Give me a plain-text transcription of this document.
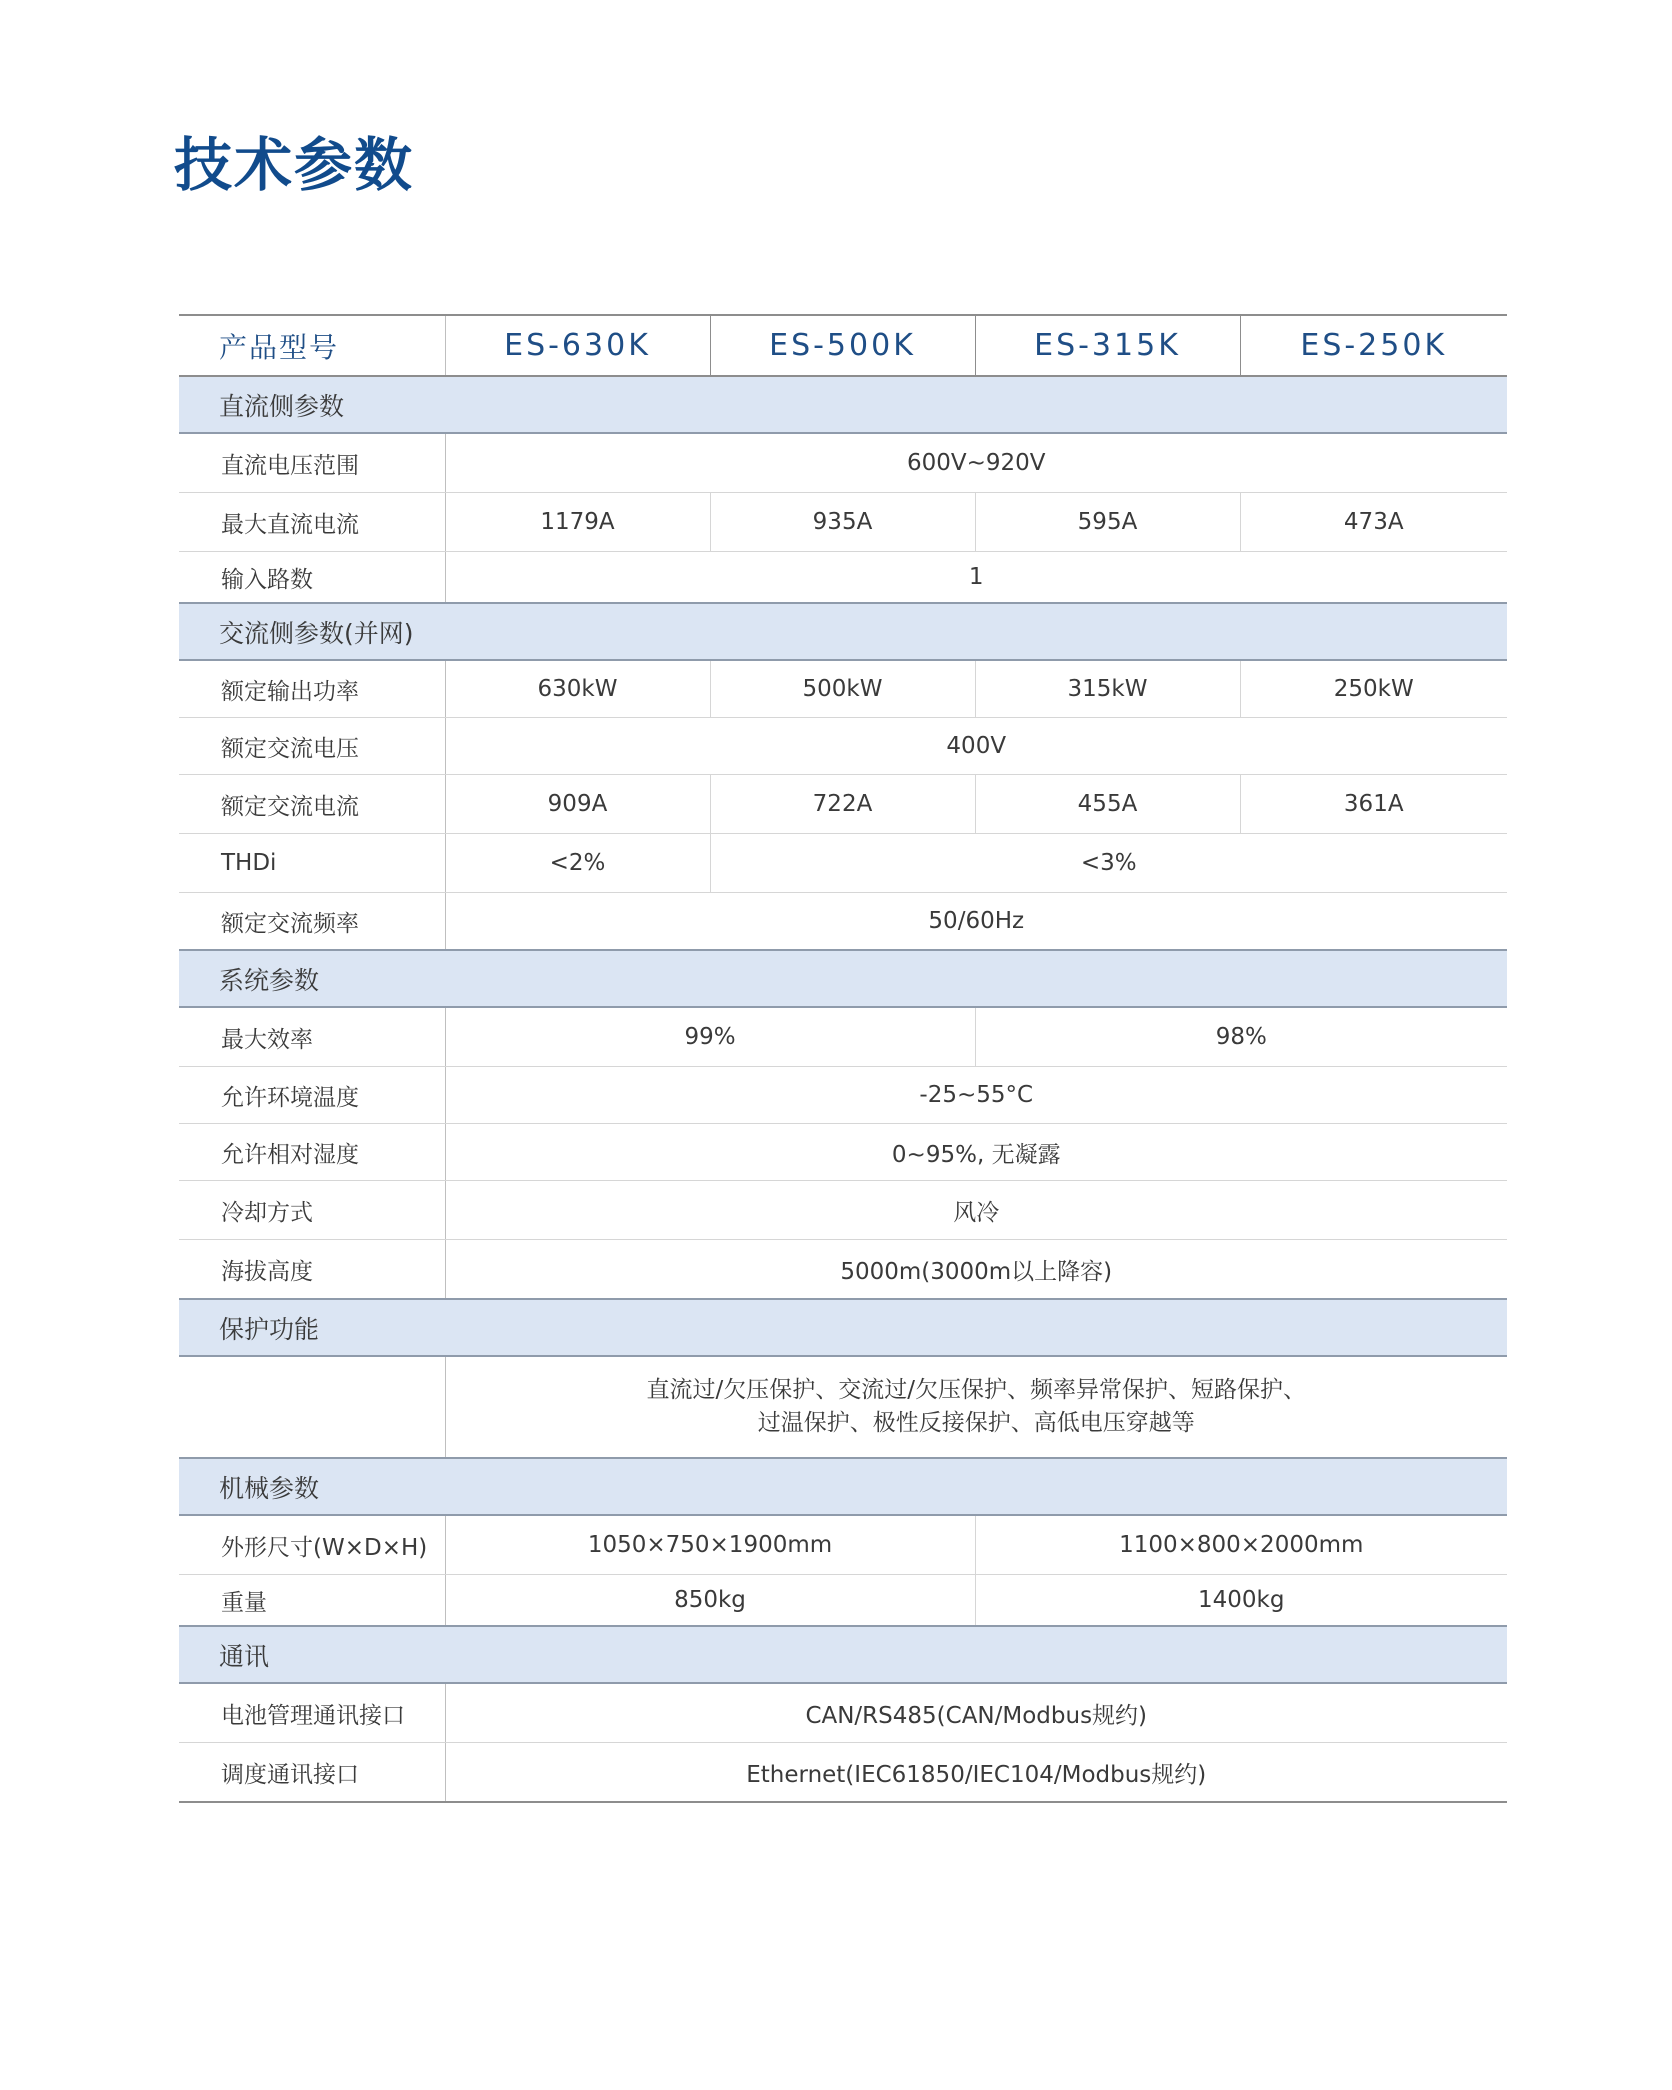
技术参数
产品型号	ES-630K	ES-500K	ES-315K	ES-250K
直流侧参数				
直流电压范围	600V~920V			
最大直流电流	1179A	935A	595A	473A
输入路数	1			
交流侧参数(并网)				
额定输出功率	630kW	500kW	315kW	250kW
额定交流电压	400V			
额定交流电流	909A	722A	455A	361A
THDi	<2%	<3%		
额定交流频率	50/60Hz			
系统参数				
最大效率	99%		98%	
允许环境温度	-25~55°C			
允许相对湿度	0~95%, 无凝露			
冷却方式	风冷			
海拔高度	5000m(3000m以上降容)			
保护功能				

	直流过/欠压保护、交流过/欠压保护、频率异常保护、短路保护、
过温保护、极性反接保护、高低电压穿越等			

机械参数				
外形尺寸(W×D×H)	1050×750×1900mm		1100×800×2000mm	
重量	850kg		1400kg	
通讯				
电池管理通讯接口	CAN/RS485(CAN/Modbus规约)			
调度通讯接口	Ethernet(IEC61850/IEC104/Modbus规约)			
